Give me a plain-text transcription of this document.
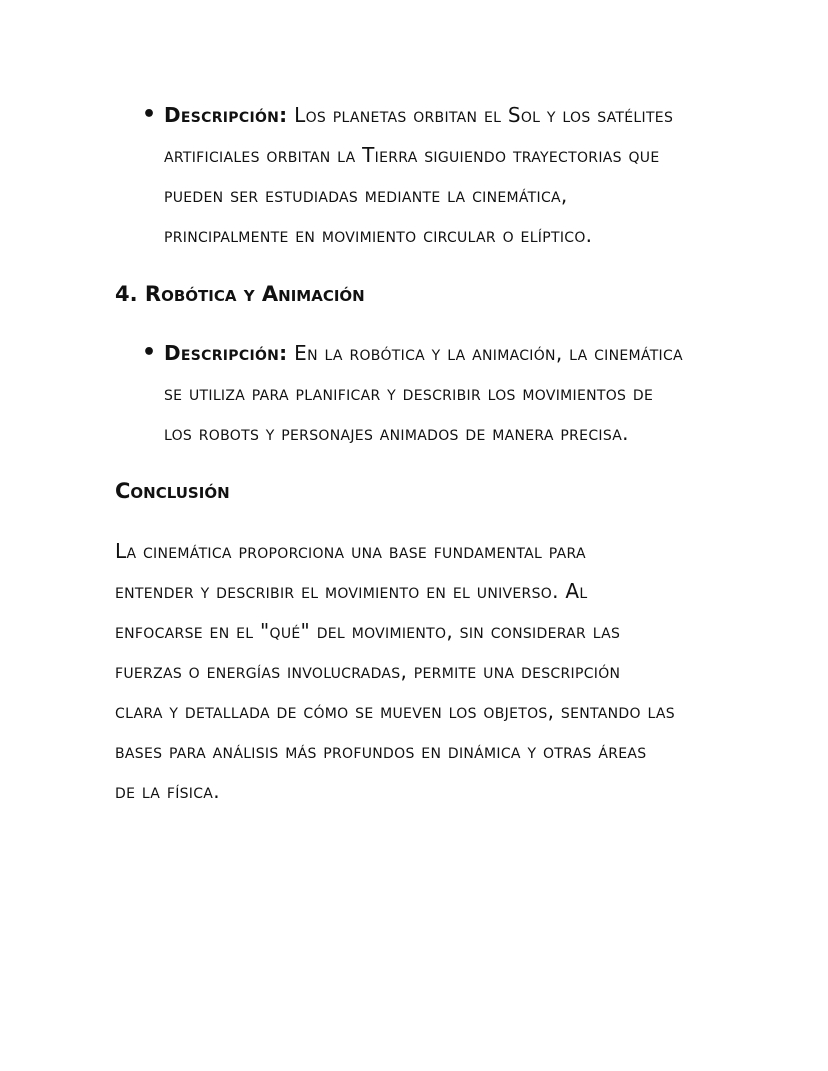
• Descripción: Los planetas orbitan el Sol y los satélites
artificiales orbitan la Tierra siguiendo trayectorias que
pueden ser estudiadas mediante la cinemática,
principalmente en movimiento circular o elíptico.
4. Robótica y Animación
• Descripción: En la robótica y la animación, la cinemática
se utiliza para planificar y describir los movimientos de
los robots y personajes animados de manera precisa.
Conclusión
La cinemática proporciona una base fundamental para
entender y describir el movimiento en el universo. Al
enfocarse en el "qué" del movimiento, sin considerar las
fuerzas o energías involucradas, permite una descripción
clara y detallada de cómo se mueven los objetos, sentando las
bases para análisis más profundos en dinámica y otras áreas
de la física.
